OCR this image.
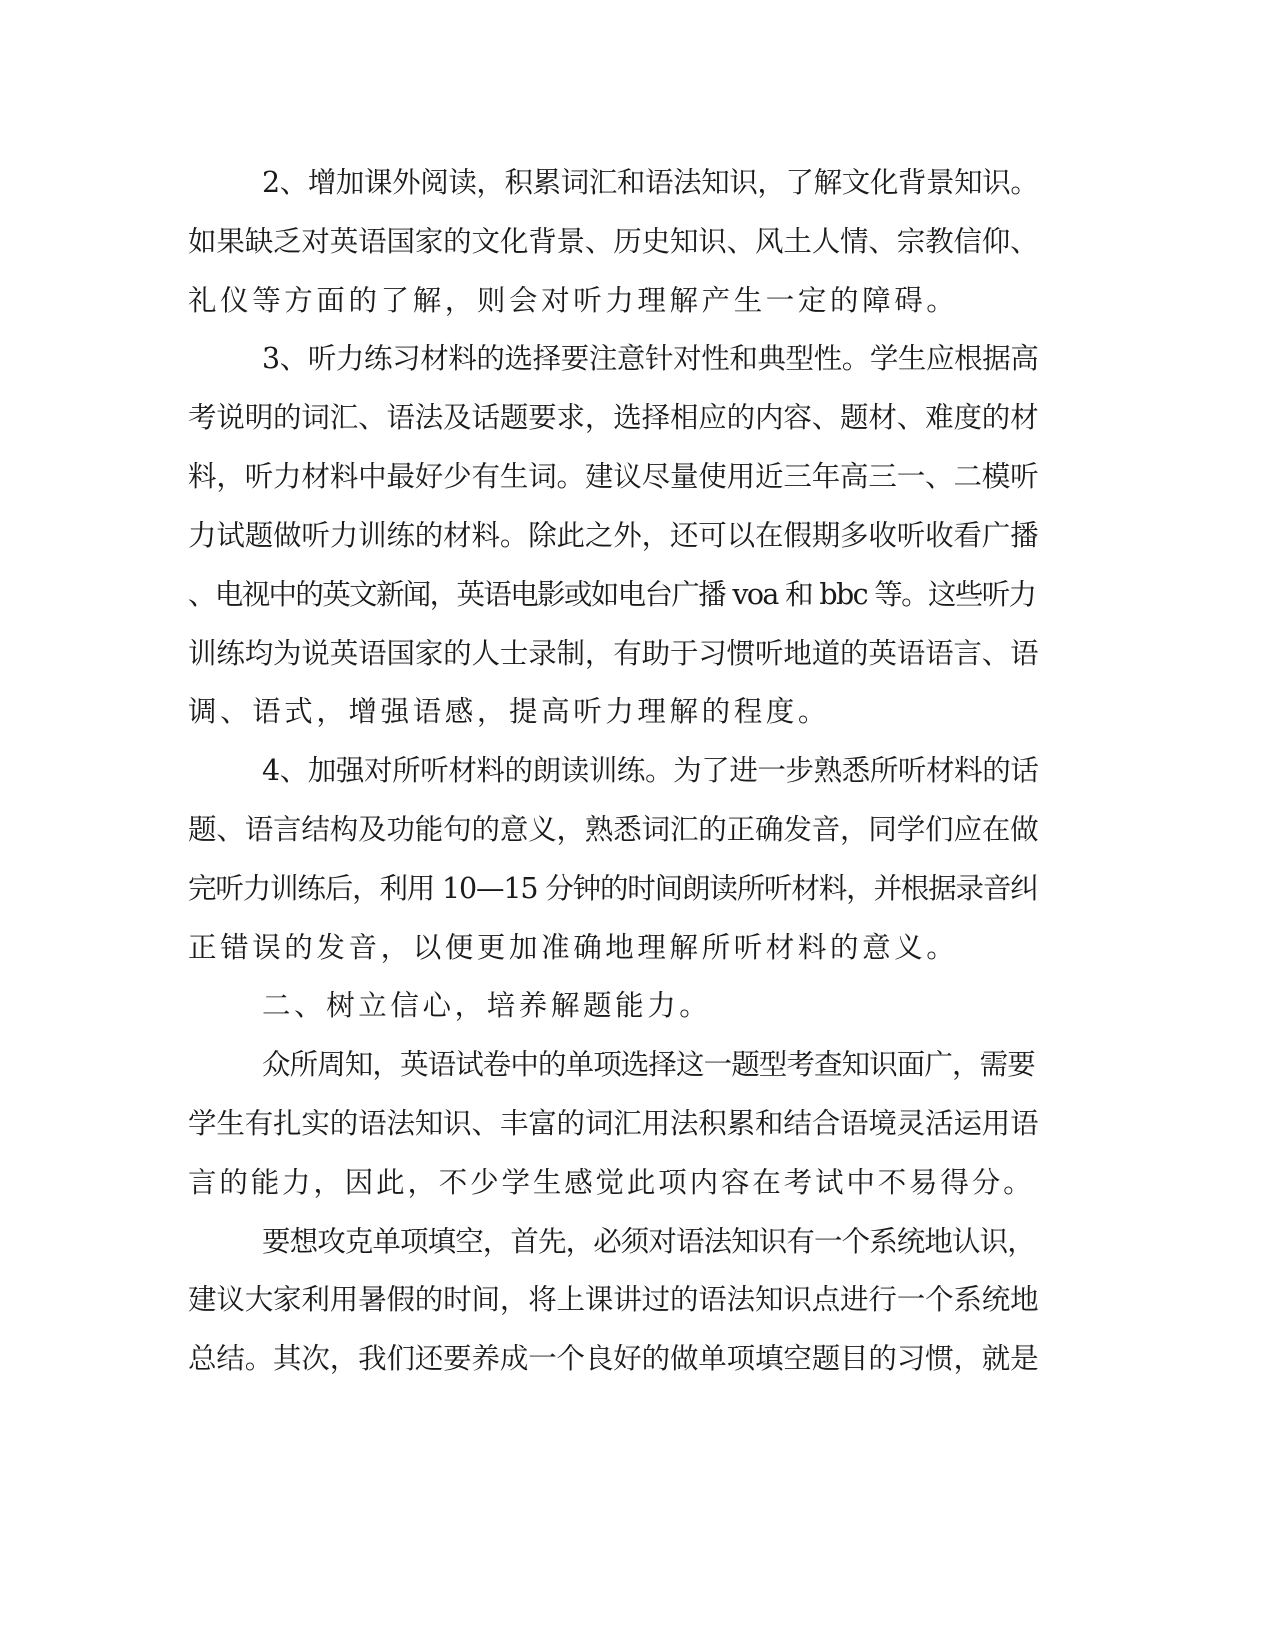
2、增加课外阅读，积累词汇和语法知识，了解文化背景知识。

如果缺乏对英语国家的文化背景、历史知识、风土人情、宗教信仰、

礼仪等方面的了解，则会对听力理解产生一定的障碍。

3、听力练习材料的选择要注意针对性和典型性。学生应根据高

考说明的词汇、语法及话题要求，选择相应的内容、题材、难度的材

料，听力材料中最好少有生词。建议尽量使用近三年高三一、二模听

力试题做听力训练的材料。除此之外，还可以在假期多收听收看广播

、电视中的英文新闻，英语电影或如电台广播 voa 和 bbc 等。这些听力

训练均为说英语国家的人士录制，有助于习惯听地道的英语语言、语

调、语式，增强语感，提高听力理解的程度。

4、加强对所听材料的朗读训练。为了进一步熟悉所听材料的话

题、语言结构及功能句的意义，熟悉词汇的正确发音，同学们应在做

完听力训练后，利用 10—15 分钟的时间朗读所听材料，并根据录音纠

正错误的发音，以便更加准确地理解所听材料的意义。

二、树立信心，培养解题能力。

众所周知，英语试卷中的单项选择这一题型考查知识面广，需要

学生有扎实的语法知识、丰富的词汇用法积累和结合语境灵活运用语

言的能力，因此，不少学生感觉此项内容在考试中不易得分。

要想攻克单项填空，首先，必须对语法知识有一个系统地认识，

建议大家利用暑假的时间，将上课讲过的语法知识点进行一个系统地

总结。其次，我们还要养成一个良好的做单项填空题目的习惯，就是
